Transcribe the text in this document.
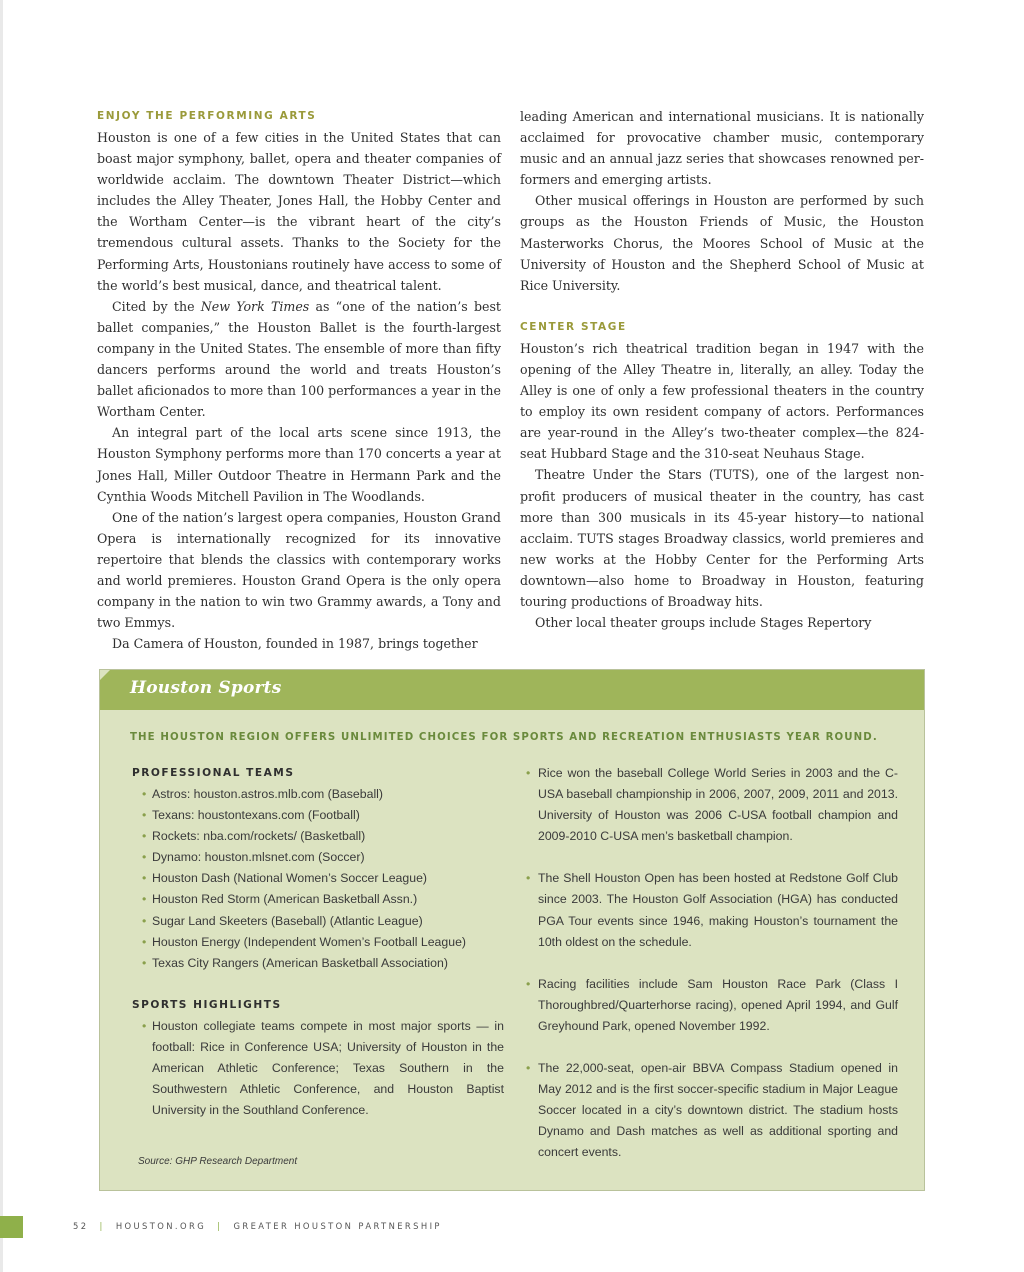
ENJOY THE PERFORMING ARTS

Houston is one of a few cities in the United States that can boast major symphony, ballet, opera and theater companies of worldwide acclaim. The downtown Theater District—which includes the Alley Theater, Jones Hall, the Hobby Center and the Wortham Center—is the vibrant heart of the city’s tremendous cultural assets. Thanks to the Society for the Performing Arts, Houstonians routinely have access to some of the world’s best musical, dance, and theatrical talent.

Cited by the New York Times as “one of the nation’s best ballet companies,” the Houston Ballet is the fourth-largest company in the United States. The ensemble of more than fifty dancers performs around the world and treats Houston’s ballet aficionados to more than 100 performances a year in the Wortham Center.

An integral part of the local arts scene since 1913, the Houston Symphony performs more than 170 concerts a year at Jones Hall, Miller Outdoor Theatre in Hermann Park and the Cynthia Woods Mitchell Pavilion in The Woodlands.

One of the nation’s largest opera companies, Houston Grand Opera is internationally recognized for its innovative repertoire that blends the classics with contemporary works and world premieres. Houston Grand Opera is the only opera company in the nation to win two Grammy awards, a Tony and two Emmys.

Da Camera of Houston, founded in 1987, brings together

leading American and international musicians. It is nationally acclaimed for provocative chamber music, contemporary music and an annual jazz series that showcases renowned per-formers and emerging artists.

Other musical offerings in Houston are performed by such groups as the Houston Friends of Music, the Houston Masterworks Chorus, the Moores School of Music at the University of Houston and the Shepherd School of Music at Rice University.

CENTER STAGE

Houston’s rich theatrical tradition began in 1947 with the opening of the Alley Theatre in, literally, an alley. Today the Alley is one of only a few professional theaters in the country to employ its own resident company of actors. Performances are year-round in the Alley’s two-theater complex—the 824-seat Hubbard Stage and the 310-seat Neuhaus Stage.

Theatre Under the Stars (TUTS), one of the largest non-profit producers of musical theater in the country, has cast more than 300 musicals in its 45-year history—to national acclaim. TUTS stages Broadway classics, world premieres and new works at the Hobby Center for the Performing Arts downtown—also home to Broadway in Houston, featuring touring productions of Broadway hits.

Other local theater groups include Stages Repertory

Houston Sports
THE HOUSTON REGION OFFERS UNLIMITED CHOICES FOR SPORTS AND RECREATION ENTHUSIASTS YEAR ROUND.
PROFESSIONAL TEAMS
• Astros: houston.astros.mlb.com (Baseball)
• Texans: houstontexans.com (Football)
• Rockets: nba.com/rockets/ (Basketball)
• Dynamo: houston.mlsnet.com (Soccer)
• Houston Dash (National Women’s Soccer League)
• Houston Red Storm (American Basketball Assn.)
• Sugar Land Skeeters (Baseball) (Atlantic League)
• Houston Energy (Independent Women’s Football League)
• Texas City Rangers (American Basketball Association)
SPORTS HIGHLIGHTS

• Houston collegiate teams compete in most major sports — in football: Rice in Conference USA; University of Houston in the American Athletic Conference; Texas Southern in the Southwestern Athletic Conference, and Houston Baptist University in the Southland Conference.

• Rice won the baseball College World Series in 2003 and the C-USA baseball championship in 2006, 2007, 2009, 2011 and 2013. University of Houston was 2006 C-USA football champion and 2009-2010 C-USA men’s basketball champion.

• The Shell Houston Open has been hosted at Redstone Golf Club since 2003. The Houston Golf Association (HGA) has conducted PGA Tour events since 1946, making Houston’s tournament the 10th oldest on the schedule.

• Racing facilities include Sam Houston Race Park (Class I Thoroughbred/Quarterhorse racing), opened April 1994, and Gulf Greyhound Park, opened November 1992.

• The 22,000-seat, open-air BBVA Compass Stadium opened in May 2012 and is the first soccer-specific stadium in Major League Soccer located in a city’s downtown district. The stadium hosts Dynamo and Dash matches as well as additional sporting and concert events.

Source: GHP Research Department
52 | HOUSTON.ORG | GREATER HOUSTON PARTNERSHIP
